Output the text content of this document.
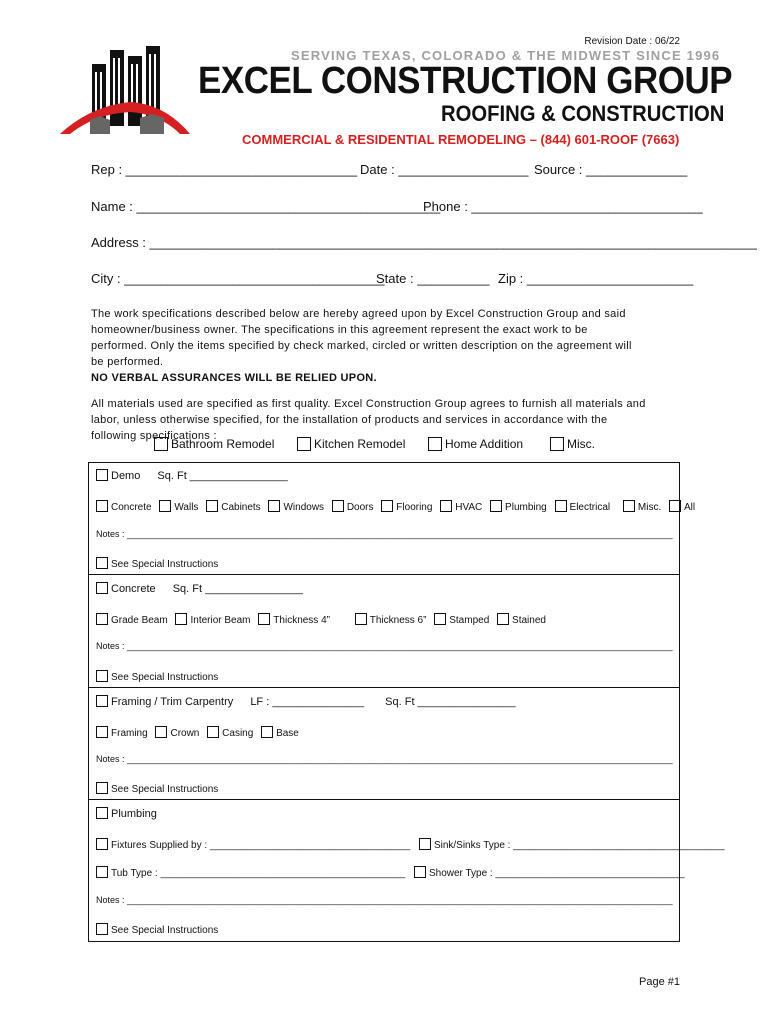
Revision Date : 06/22
SERVING TEXAS, COLORADO & THE MIDWEST SINCE 1996
EXCEL CONSTRUCTION GROUP
ROOFING & CONSTRUCTION
COMMERCIAL & RESIDENTIAL REMODELING – (844) 601-ROOF (7663)
Rep : ________________________________ Date : __________________ Source : ______________
Name : __________________________________________
Phone : ________________________________
Address : ____________________________________________________________________________________
City : ____________________________________
State : __________ Zip : _______________________
The work specifications described below are hereby agreed upon by Excel Construction Group and said
homeowner/business owner. The specifications in this agreement represent the exact work to be
performed. Only the items specified by check marked, circled or written description on the agreement will
be performed.
NO VERBAL ASSURANCES WILL BE RELIED UPON.
All materials used are specified as first quality. Excel Construction Group agrees to furnish all materials and
labor, unless otherwise specified, for the installation of products and services in accordance with the
following specifications :
Bathroom Remodel	Kitchen Remodel	Home Addition	Misc.
Demo Sq. Ft ________________
Concrete Walls Cabinets Windows Doors Flooring HVAC Plumbing Electrical	Misc. All
Notes : _____________________________________________________________________________________________________________
See Special Instructions
Concrete Sq. Ft ________________
Grade Beam Interior Beam Thickness 4”	Thickness 6” Stamped Stained
Notes : _____________________________________________________________________________________________________________
See Special Instructions
Framing / Trim Carpentry LF : _______________ Sq. Ft ________________
Framing Crown Casing Base
Notes : _____________________________________________________________________________________________________________
See Special Instructions
Plumbing
Fixtures Supplied by : ____________________________________ Sink/Sinks Type : ______________________________________
Tub Type : ____________________________________________ Shower Type : __________________________________
Notes : _____________________________________________________________________________________________________________
See Special Instructions
Page #1
